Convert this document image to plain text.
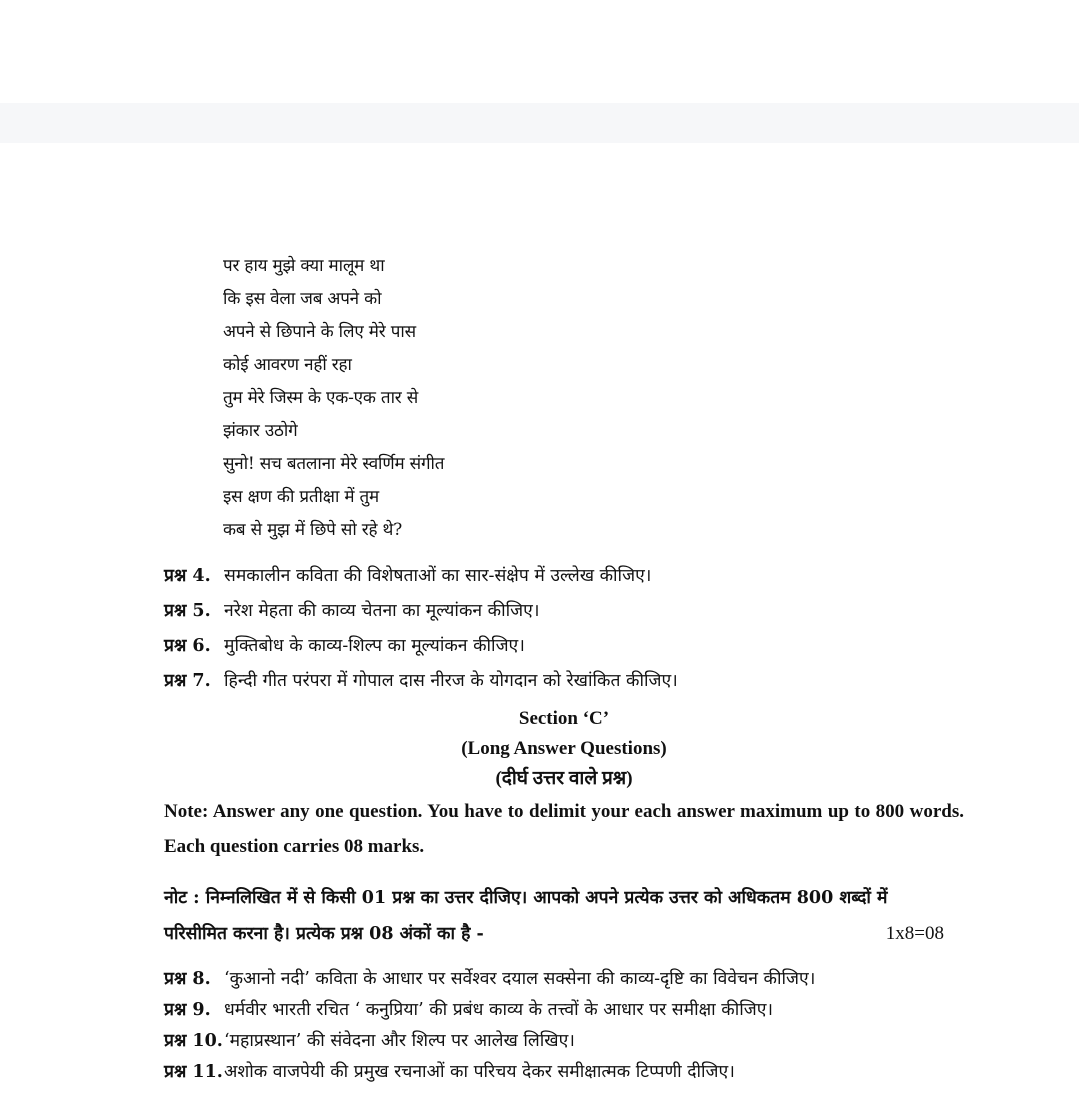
पर हाय मुझे क्या मालूम था
कि इस वेला जब अपने को
अपने से छिपाने के लिए मेरे पास
कोई आवरण नहीं रहा
तुम मेरे जिस्म के एक-एक तार से
झंकार उठोगे
सुनो! सच बतलाना मेरे स्वर्णिम संगीत
इस क्षण की प्रतीक्षा में तुम
कब से मुझ में छिपे सो रहे थे?
प्रश्न 4. समकालीन कविता की विशेषताओं का सार-संक्षेप में उल्लेख कीजिए।
प्रश्न 5. नरेश मेहता की काव्य चेतना का मूल्यांकन कीजिए।
प्रश्न 6. मुक्तिबोध के काव्य-शिल्प का मूल्यांकन कीजिए।
प्रश्न 7. हिन्दी गीत परंपरा में गोपाल दास नीरज के योगदान को रेखांकित कीजिए।
Section ‘C’
(Long Answer Questions)
(दीर्घ उत्तर वाले प्रश्न)
Note: Answer any one question. You have to delimit your each answer maximum up to 800 words. Each question carries 08 marks.
नोट : निम्नलिखित में से किसी 01 प्रश्न का उत्तर दीजिए। आपको अपने प्रत्येक उत्तर को अधिकतम 800 शब्दों में
परिसीमित करना है। प्रत्येक प्रश्न 08 अंकों का है -	1x8=08
प्रश्न 8. ‘कुआनो नदी’ कविता के आधार पर सर्वेश्वर दयाल सक्सेना की काव्य-दृष्टि का विवेचन कीजिए।
प्रश्न 9. धर्मवीर भारती रचित ‘ कनुप्रिया’ की प्रबंध काव्य के तत्त्वों के आधार पर समीक्षा कीजिए।
प्रश्न 10. ‘महाप्रस्थान’ की संवेदना और शिल्प पर आलेख लिखिए।
प्रश्न 11. अशोक वाजपेयी की प्रमुख रचनाओं का परिचय देकर समीक्षात्मक टिप्पणी दीजिए।
